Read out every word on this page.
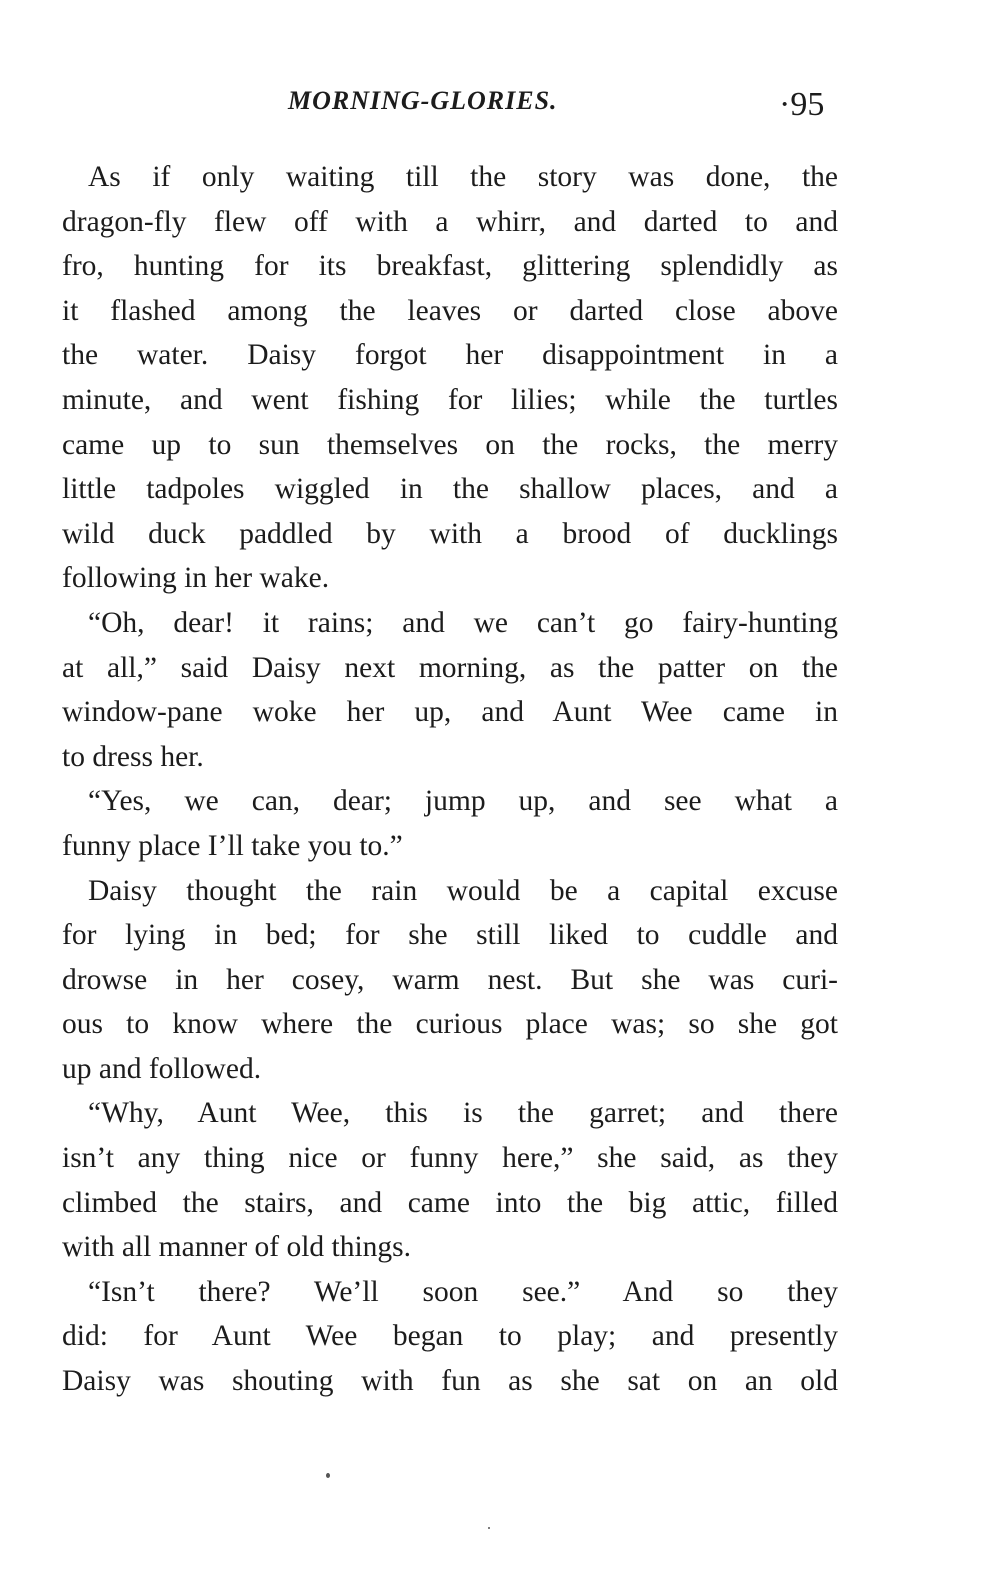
MORNING-GLORIES.	·95
As if only waiting till the story was done, the
dragon-fly flew off with a whirr, and darted to and
fro, hunting for its breakfast, glittering splendidly as
it flashed among the leaves or darted close above
the water. Daisy forgot her disappointment in a
minute, and went fishing for lilies; while the turtles
came up to sun themselves on the rocks, the merry
little tadpoles wiggled in the shallow places, and a
wild duck paddled by with a brood of ducklings
following in her wake.
“Oh, dear! it rains; and we can’t go fairy-hunting
at all,” said Daisy next morning, as the patter on the
window-pane woke her up, and Aunt Wee came in
to dress her.
“Yes, we can, dear; jump up, and see what a
funny place I’ll take you to.”
Daisy thought the rain would be a capital excuse
for lying in bed; for she still liked to cuddle and
drowse in her cosey, warm nest. But she was curi-
ous to know where the curious place was; so she got
up and followed.
“Why, Aunt Wee, this is the garret; and there
isn’t any thing nice or funny here,” she said, as they
climbed the stairs, and came into the big attic, filled
with all manner of old things.
“Isn’t there? We’ll soon see.” And so they
did: for Aunt Wee began to play; and presently
Daisy was shouting with fun as she sat on an old
